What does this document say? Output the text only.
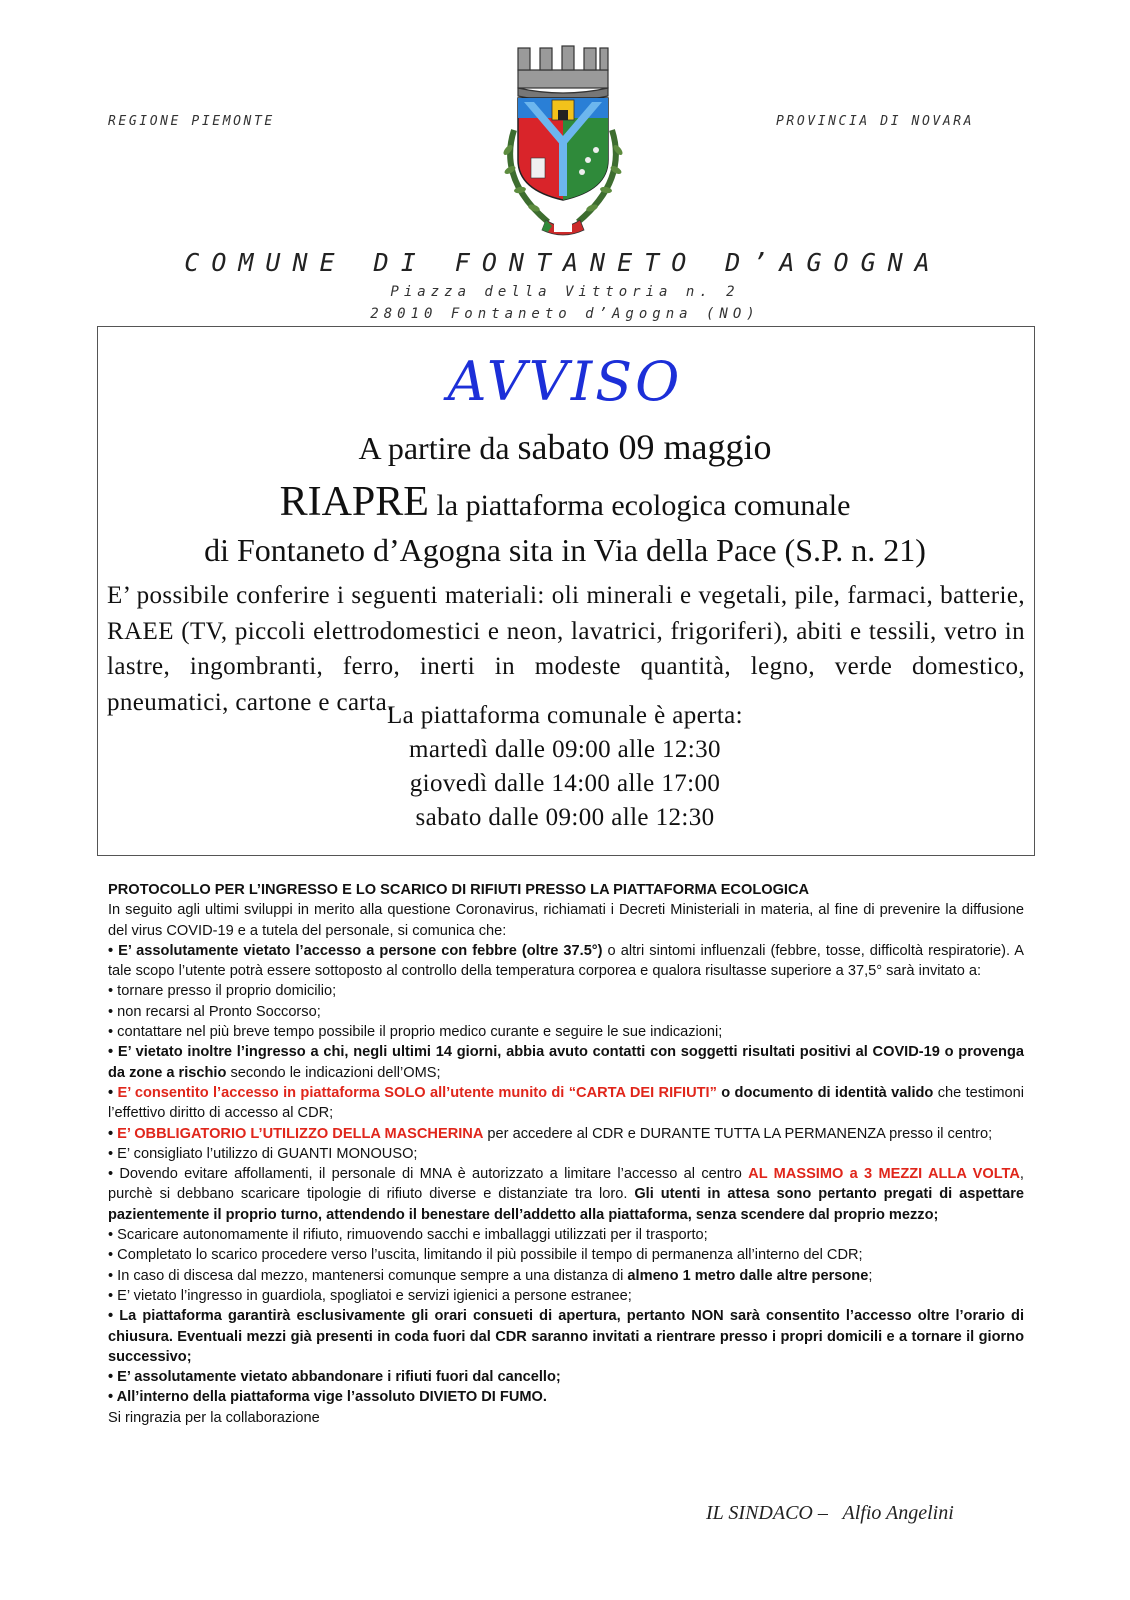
REGIONE PIEMONTE	PROVINCIA DI NOVARA
COMUNE DI FONTANETO D’AGOGNA
Piazza della Vittoria n. 2
28010 Fontaneto d’Agogna (NO)
AVVISO
A partire da sabato 09 maggio
RIAPRE la piattaforma ecologica comunale
di Fontaneto d’Agogna sita in Via della Pace (S.P. n. 21)
E’ possibile conferire i seguenti materiali: oli minerali e vegetali, pile, farmaci, batterie, RAEE (TV, piccoli elettrodomestici e neon, lavatrici, frigoriferi), abiti e tessili, vetro in lastre, ingombranti, ferro, inerti in modeste quantità, legno, verde domestico, pneumatici, cartone e carta.
La piattaforma comunale è aperta:
martedì dalle 09:00 alle 12:30
giovedì dalle 14:00 alle 17:00
sabato dalle 09:00 alle 12:30

PROTOCOLLO PER L’INGRESSO E LO SCARICO DI RIFIUTI PRESSO LA PIATTAFORMA ECOLOGICA

In seguito agli ultimi sviluppi in merito alla questione Coronavirus, richiamati i Decreti Ministeriali in materia, al fine di prevenire la diffusione del virus COVID-19 e a tutela del personale, si comunica che:

• E’ assolutamente vietato l’accesso a persone con febbre (oltre 37.5°) o altri sintomi influenzali (febbre, tosse, difficoltà respiratorie). A tale scopo l’utente potrà essere sottoposto al controllo della temperatura corporea e qualora risultasse superiore a 37,5° sarà invitato a:

• tornare presso il proprio domicilio;

• non recarsi al Pronto Soccorso;

• contattare nel più breve tempo possibile il proprio medico curante e seguire le sue indicazioni;

• E’ vietato inoltre l’ingresso a chi, negli ultimi 14 giorni, abbia avuto contatti con soggetti risultati positivi al COVID-19 o provenga da zone a rischio secondo le indicazioni dell’OMS;

• E’ consentito l’accesso in piattaforma SOLO all’utente munito di “CARTA DEI RIFIUTI” o documento di identità valido che testimoni l’effettivo diritto di accesso al CDR;

• E’ OBBLIGATORIO L’UTILIZZO DELLA MASCHERINA per accedere al CDR e DURANTE TUTTA LA PERMANENZA presso il centro;

• E’ consigliato l’utilizzo di GUANTI MONOUSO;

• Dovendo evitare affollamenti, il personale di MNA è autorizzato a limitare l’accesso al centro AL MASSIMO a 3 MEZZI ALLA VOLTA, purchè si debbano scaricare tipologie di rifiuto diverse e distanziate tra loro. Gli utenti in attesa sono pertanto pregati di aspettare pazientemente il proprio turno, attendendo il benestare dell’addetto alla piattaforma, senza scendere dal proprio mezzo;

• Scaricare autonomamente il rifiuto, rimuovendo sacchi e imballaggi utilizzati per il trasporto;

• Completato lo scarico procedere verso l’uscita, limitando il più possibile il tempo di permanenza all’interno del CDR;

• In caso di discesa dal mezzo, mantenersi comunque sempre a una distanza di almeno 1 metro dalle altre persone;

• E’ vietato l’ingresso in guardiola, spogliatoi e servizi igienici a persone estranee;

• La piattaforma garantirà esclusivamente gli orari consueti di apertura, pertanto NON sarà consentito l’accesso oltre l’orario di chiusura. Eventuali mezzi già presenti in coda fuori dal CDR saranno invitati a rientrare presso i propri domicili e a tornare il giorno successivo;

• E’ assolutamente vietato abbandonare i rifiuti fuori dal cancello;

• All’interno della piattaforma vige l’assoluto DIVIETO DI FUMO.

Si ringrazia per la collaborazione

IL SINDACO –   Alfio Angelini
